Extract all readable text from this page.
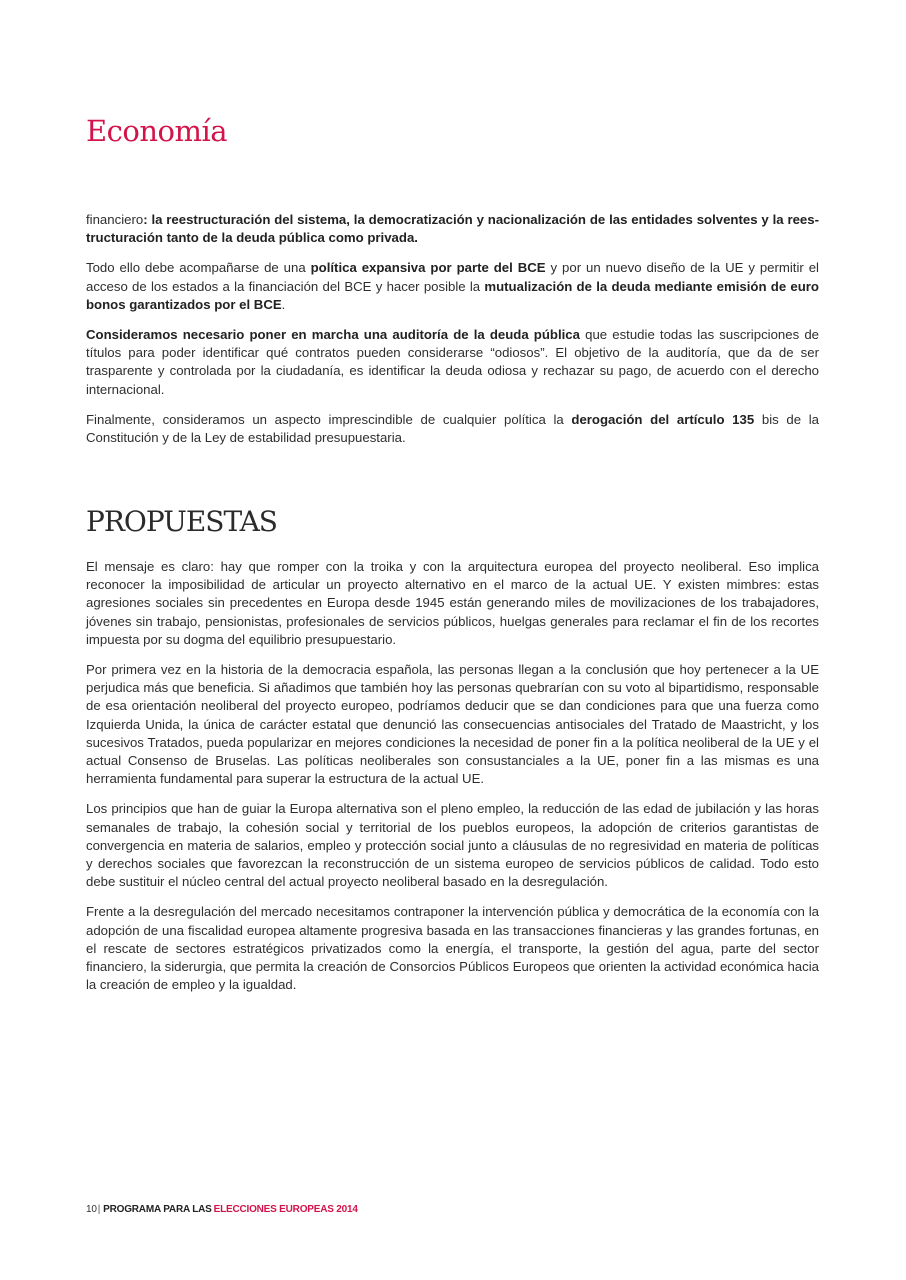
Economía

financiero: la reestructuración del sistema, la democratización y nacionalización de las entidades solventes y la reestructuración tanto de la deuda pública como privada.

Todo ello debe acompañarse de una política expansiva por parte del BCE y por un nuevo diseño de la UE y permitir el acceso de los estados a la financiación del BCE y hacer posible la mutualización de la deuda mediante emisión de euro bonos garantizados por el BCE.

Consideramos necesario poner en marcha una auditoría de la deuda pública que estudie todas las suscripciones de títulos para poder identificar qué contratos pueden considerarse “odiosos”. El objetivo de la auditoría, que da de ser trasparente y controlada por la ciudadanía, es identificar la deuda odiosa y rechazar su pago, de acuerdo con el derecho internacional.

Finalmente, consideramos un aspecto imprescindible de cualquier política la derogación del artículo 135 bis de la Constitución y de la Ley de estabilidad presupuestaria.

PROPUESTAS

El mensaje es claro: hay que romper con la troika y con la arquitectura europea del proyecto neoliberal. Eso implica reconocer la imposibilidad de articular un proyecto alternativo en el marco de la actual UE. Y existen mimbres: estas agresiones sociales sin precedentes en Europa desde 1945 están generando miles de movilizaciones de los trabajadores, jóvenes sin trabajo, pensionistas, profesionales de servicios públicos, huelgas generales para reclamar el fin de los recortes impuesta por su dogma del equilibrio presupuestario.

Por primera vez en la historia de la democracia española, las personas llegan a la conclusión que hoy pertenecer a la UE perjudica más que beneficia. Si añadimos que también hoy las personas quebrarían con su voto al bipartidismo, responsable de esa orientación neoliberal del proyecto europeo, podríamos deducir que se dan condiciones para que una fuerza como Izquierda Unida, la única de carácter estatal que denunció las consecuencias antisociales del Tratado de Maastricht, y los sucesivos Tratados, pueda popularizar en mejores condiciones la necesidad de poner fin a la política neoliberal de la UE y el actual Consenso de Bruselas. Las políticas neoliberales son consustanciales a la UE, poner fin a las mismas es una herramienta fundamental para superar la estructura de la actual UE.

Los principios que han de guiar la Europa alternativa son el pleno empleo, la reducción de las edad de jubilación y las horas semanales de trabajo, la cohesión social y territorial de los pueblos europeos, la adopción de criterios garantistas de convergencia en materia de salarios, empleo y protección social junto a cláusulas de no regresividad en materia de políticas y derechos sociales que favorezcan la reconstrucción de un sistema europeo de servicios públicos de calidad. Todo esto debe sustituir el núcleo central del actual proyecto neoliberal basado en la desregulación.

Frente a la desregulación del mercado necesitamos contraponer la intervención pública y democrática de la economía con la adopción de una fiscalidad europea altamente progresiva basada en las transacciones financieras y las grandes fortunas, en el rescate de sectores estratégicos privatizados como la energía, el transporte, la gestión del agua, parte del sector financiero, la siderurgia, que permita la creación de Consorcios Públicos Europeos que orienten la actividad económica hacia la creación de empleo y la igualdad.

10| PROGRAMA PARA LAS ELECCIONES EUROPEAS 2014
